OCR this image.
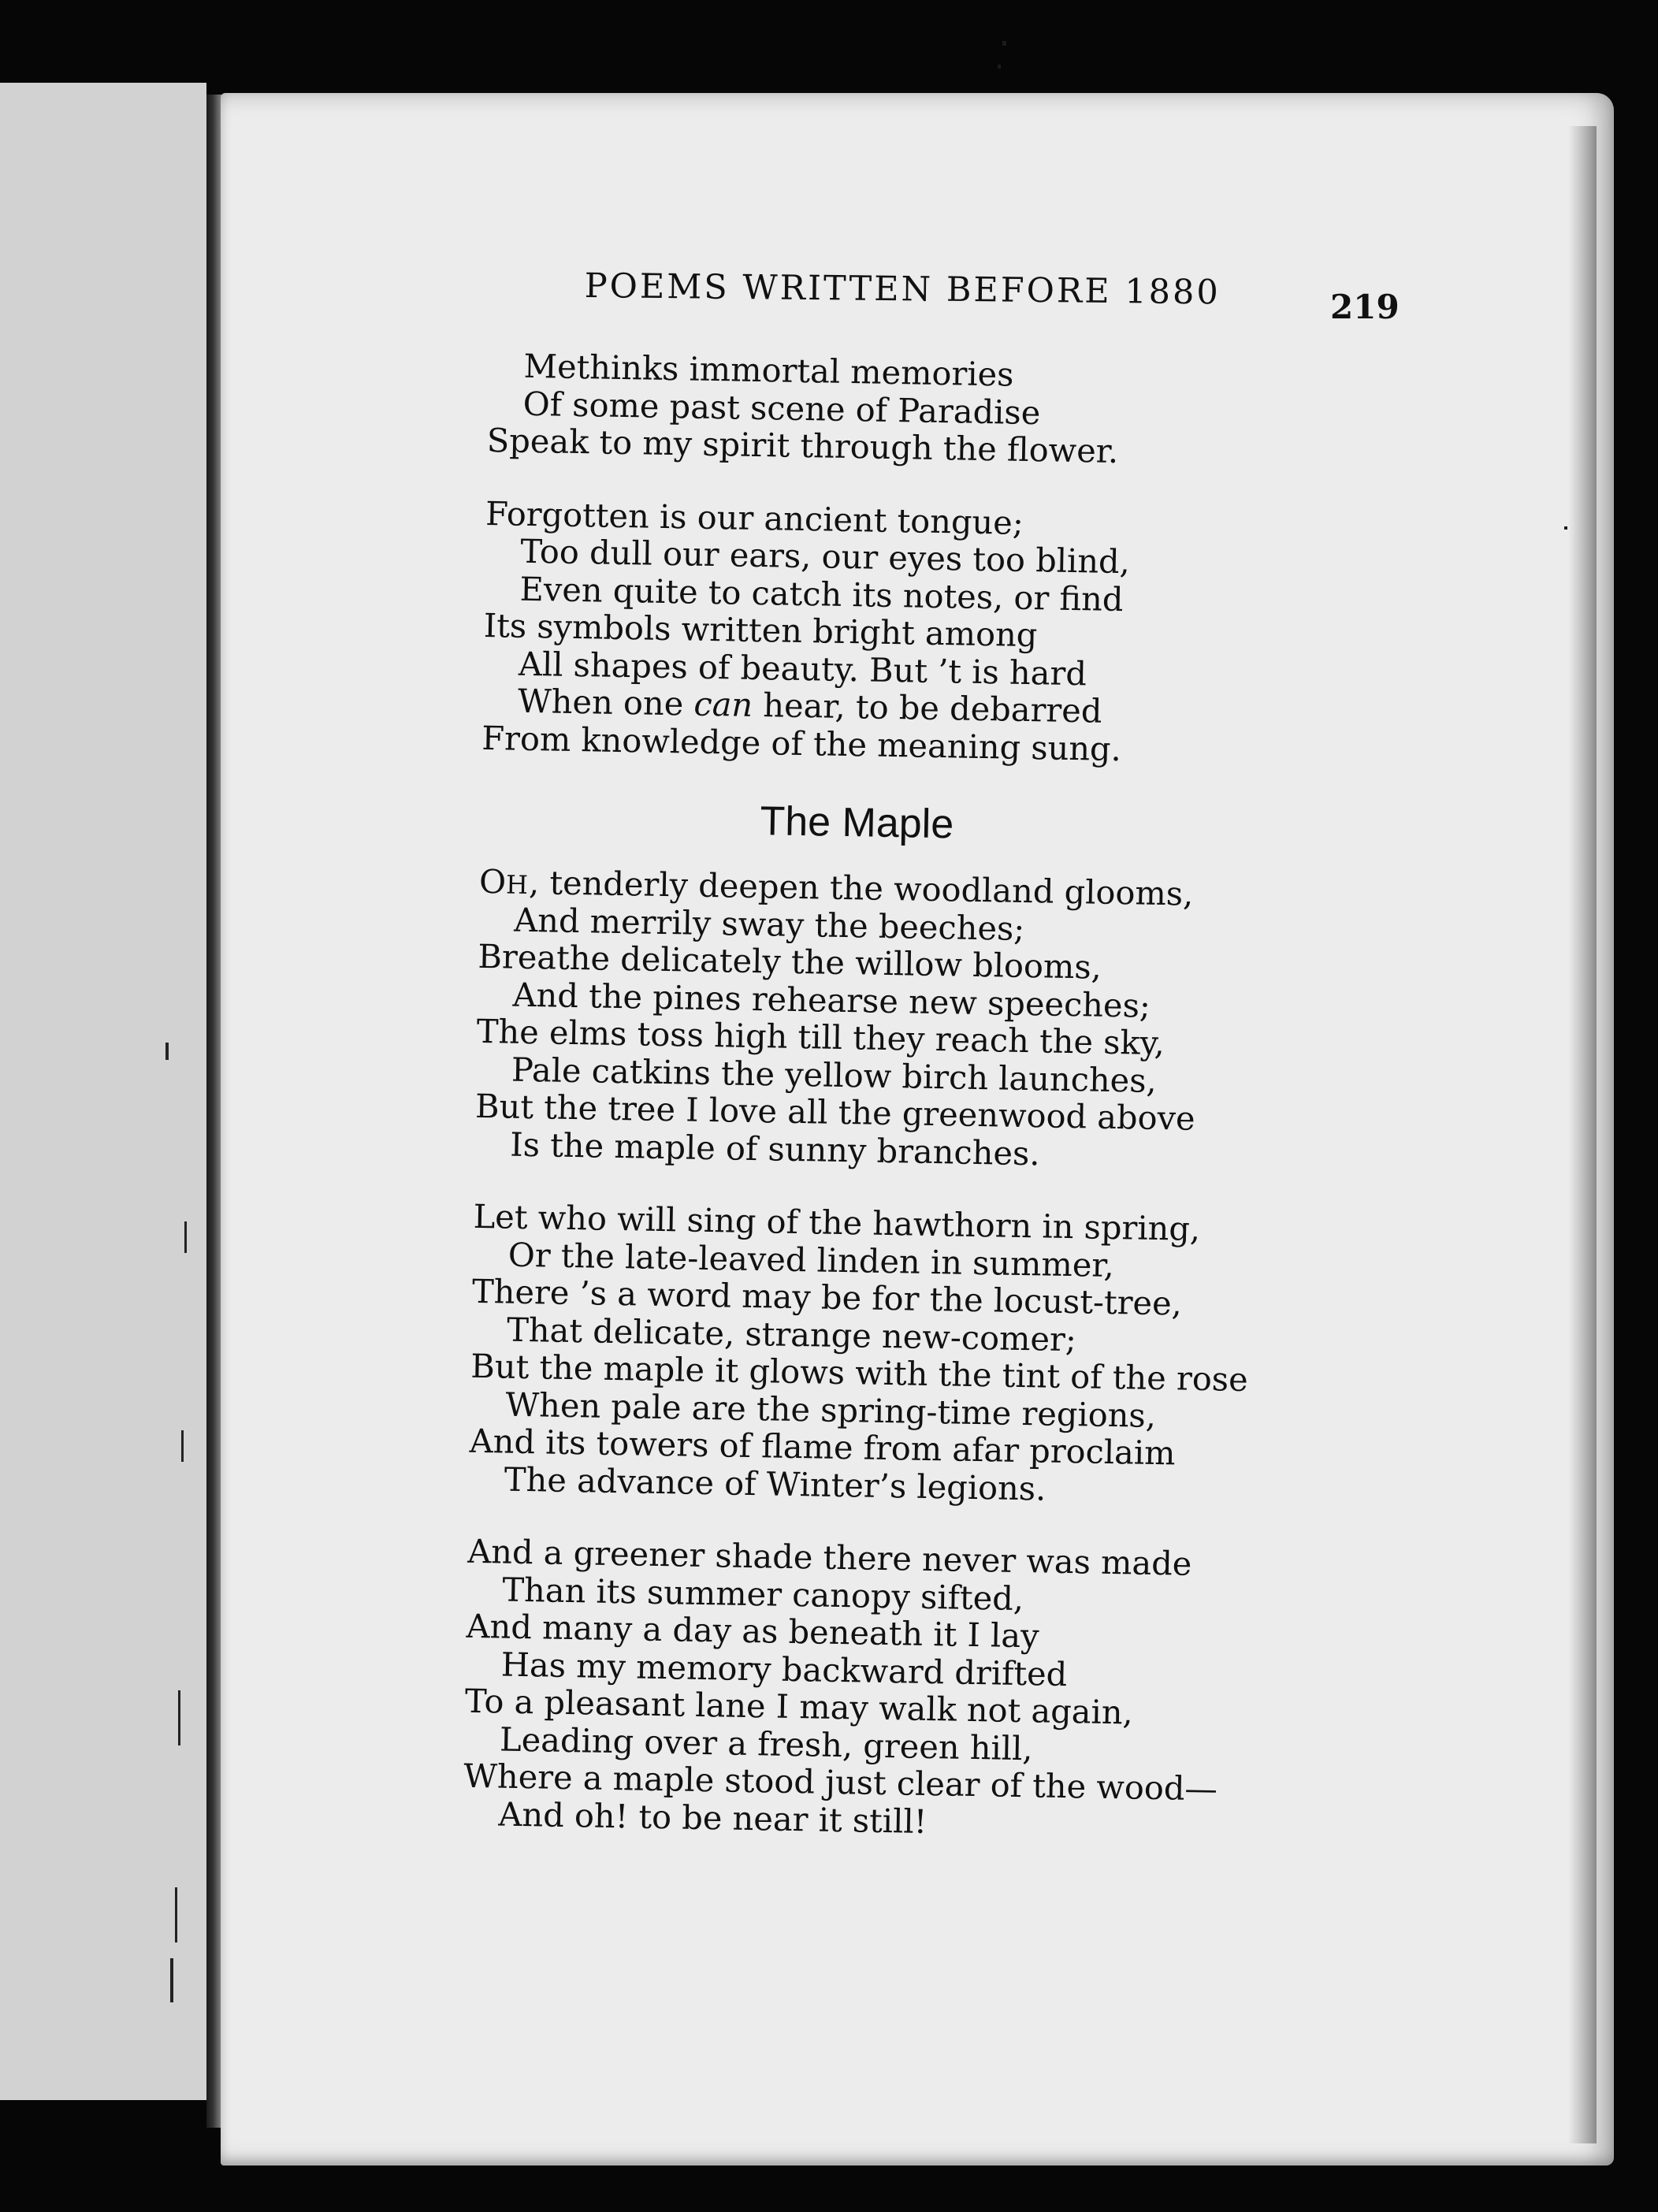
POEMS WRITTEN BEFORE 1880	219
Methinks immortal memories
Of some past scene of Paradise
Speak to my spirit through the flower.
Forgotten is our ancient tongue;
Too dull our ears, our eyes too blind,
Even quite to catch its notes, or find
Its symbols written bright among
All shapes of beauty. But ’t is hard
When one can hear, to be debarred
From knowledge of the meaning sung.
The Maple
OH, tenderly deepen the woodland glooms,
And merrily sway the beeches;
Breathe delicately the willow blooms,
And the pines rehearse new speeches;
The elms toss high till they reach the sky,
Pale catkins the yellow birch launches,
But the tree I love all the greenwood above
Is the maple of sunny branches.
Let who will sing of the hawthorn in spring,
Or the late-leaved linden in summer,
There ’s a word may be for the locust-tree,
That delicate, strange new-comer;
But the maple it glows with the tint of the rose
When pale are the spring-time regions,
And its towers of flame from afar proclaim
The advance of Winter’s legions.
And a greener shade there never was made
Than its summer canopy sifted,
And many a day as beneath it I lay
Has my memory backward drifted
To a pleasant lane I may walk not again,
Leading over a fresh, green hill,
Where a maple stood just clear of the wood—
And oh! to be near it still!
